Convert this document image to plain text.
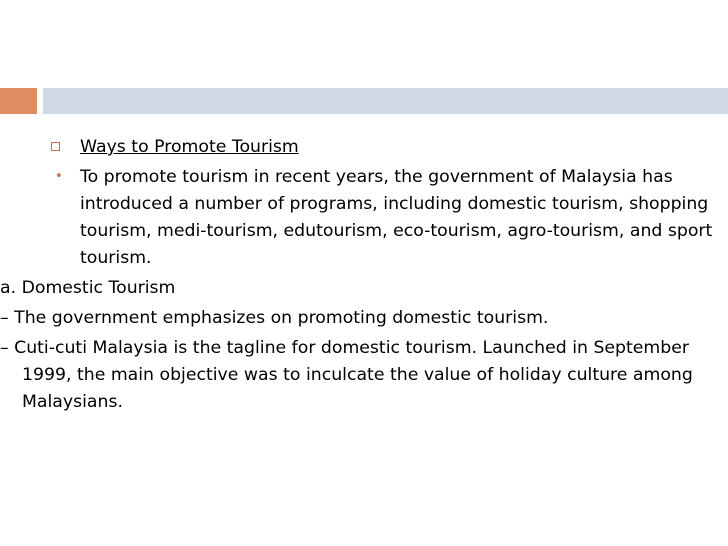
Ways to Promote Tourism

• To promote tourism in recent years, the government of Malaysia has introduced a number of programs, including domestic tourism, shopping tourism, medi-tourism, edutourism, eco-tourism, agro-tourism, and sport tourism.

a. Domestic Tourism

– The government emphasizes on promoting domestic tourism.

– Cuti-cuti Malaysia is the tagline for domestic tourism. Launched in September 1999, the main objective was to inculcate the value of holiday culture among Malaysians.
